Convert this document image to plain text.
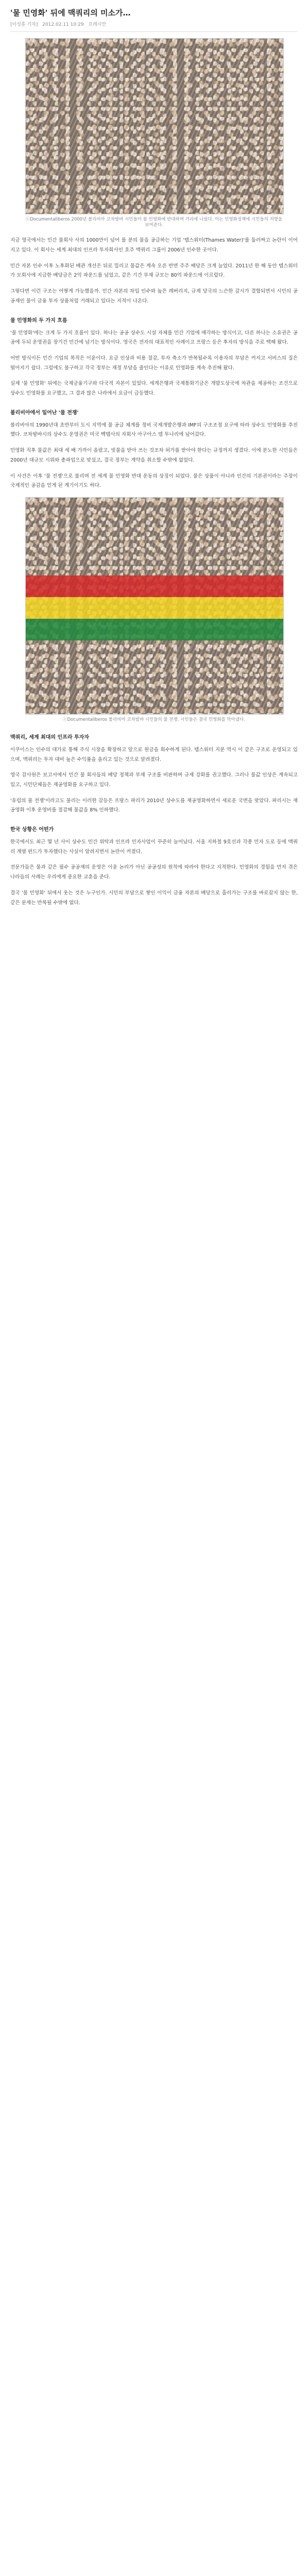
'물 민영화' 뒤에 맥쿼리의 미소가…
[이성훈 기자] 2012.02.11 10:29 프레시안
ⓒDocumentaliberos 2000년 볼리비아 코차밤바 시민들이 물 민영화에 반대하며 거리에 나섰다. 이는 민영화정책에 시민들의 저항을 보여준다.

지금 영국에서는 민간 물회사 사의 1000만이 넘어 를 분의 물을 공급하는 기업 '템스워터(Thames Water)'를 둘러싸고 논란이 이어지고 있다. 이 회사는 세계 최대의 인프라 투자회사인 호주 맥쿼리 그룹이 2006년 인수한 곳이다.

민간 자본 인수 이후 노후화된 배관 개선은 뒤로 밀리고 물값은 계속 오른 반면 주주 배당은 크게 늘었다. 2011년 한 해 동안 템스워터가 모회사에 지급한 배당금은 2억 파운드를 넘었고, 같은 기간 부채 규모는 80억 파운드에 이르렀다.

그렇다면 이런 구조는 어떻게 가능했을까. 민간 자본의 차입 인수와 높은 레버리지, 규제 당국의 느슨한 감시가 결합되면서 시민의 공공재인 물이 금융 투자 상품처럼 거래되고 있다는 지적이 나온다.

물 민영화의 두 가지 흐름

'물 민영화'에는 크게 두 가지 흐름이 있다. 하나는 공공 상수도 시설 자체를 민간 기업에 매각하는 방식이고, 다른 하나는 소유권은 공공에 두되 운영권을 장기간 민간에 넘기는 방식이다. 영국은 전자의 대표적인 사례이고 프랑스 등은 후자의 방식을 주로 택해 왔다.

어떤 방식이든 민간 기업의 목적은 이윤이다. 요금 인상과 비용 절감, 투자 축소가 반복될수록 이용자의 부담은 커지고 서비스의 질은 떨어지기 쉽다. 그럼에도 불구하고 각국 정부는 재정 부담을 줄인다는 이유로 민영화를 계속 추진해 왔다.

실제 '물 민영화' 뒤에는 국제금융기구와 다국적 자본이 있었다. 세계은행과 국제통화기금은 개발도상국에 차관을 제공하는 조건으로 상수도 민영화를 요구했고, 그 결과 많은 나라에서 요금이 급등했다.

볼리비아에서 일어난 '물 전쟁'

볼리비아의 1990년대 초반부터 도시 지역에 물 공급 체계를 정비 국제개발은행과 IMF의 구조조정 요구에 따라 상수도 민영화를 추진했다. 코차밤바시의 상수도 운영권은 미국 벡텔사의 자회사 아구아스 델 투나리에 넘어갔다.

민영화 직후 물값은 최대 세 배 가까이 올랐고, 빗물을 받아 쓰는 것조차 허가를 받아야 한다는 규정까지 생겼다. 이에 분노한 시민들은 2000년 대규모 시위와 총파업으로 맞섰고, 결국 정부는 계약을 취소할 수밖에 없었다.

이 사건은 이후 '물 전쟁'으로 불리며 전 세계 물 민영화 반대 운동의 상징이 되었다. 물은 상품이 아니라 인간의 기본권이라는 주장이 국제적인 공감을 얻게 된 계기이기도 하다.

ⓒDocumentaliberos 볼리비아 코차밤바 시민들의 물 전쟁. 시민들은 결국 민영화를 막아냈다.
맥쿼리, 세계 최대의 인프라 투자자

이쿠이스는 인수의 대가로 통해 주식 시장을 확장하고 앞으로 원금을 회수하게 된다. 템스워터 지분 역시 이 같은 구조로 운영되고 있으며, 맥쿼리는 투자 대비 높은 수익률을 올리고 있는 것으로 알려졌다.

영국 감사원은 보고서에서 민간 물 회사들의 배당 정책과 부채 구조를 비판하며 규제 강화를 권고했다. 그러나 물값 인상은 계속되고 있고, 시민단체들은 재공영화를 요구하고 있다.

'유럽의 물 전쟁'이라고도 불리는 이러한 갈등은 프랑스 파리가 2010년 상수도를 재공영화하면서 새로운 국면을 맞았다. 파리시는 재공영화 이후 운영비를 절감해 물값을 8% 인하했다.

한국 상황은 어떤가

한국에서도 최근 몇 년 사이 상수도 민간 위탁과 인프라 민자사업이 꾸준히 늘어났다. 서울 지하철 9호선과 각종 민자 도로 등에 맥쿼리 계열 펀드가 투자했다는 사실이 알려지면서 논란이 커졌다.

전문가들은 물과 같은 필수 공공재의 운영은 이윤 논리가 아닌 공공성의 원칙에 따라야 한다고 지적한다. 민영화의 경험을 먼저 겪은 나라들의 사례는 우리에게 중요한 교훈을 준다.

결국 '물 민영화' 뒤에서 웃는 것은 누구인가. 시민의 부담으로 쌓인 이익이 금융 자본의 배당으로 흘러가는 구조를 바로잡지 않는 한, 같은 문제는 반복될 수밖에 없다.
